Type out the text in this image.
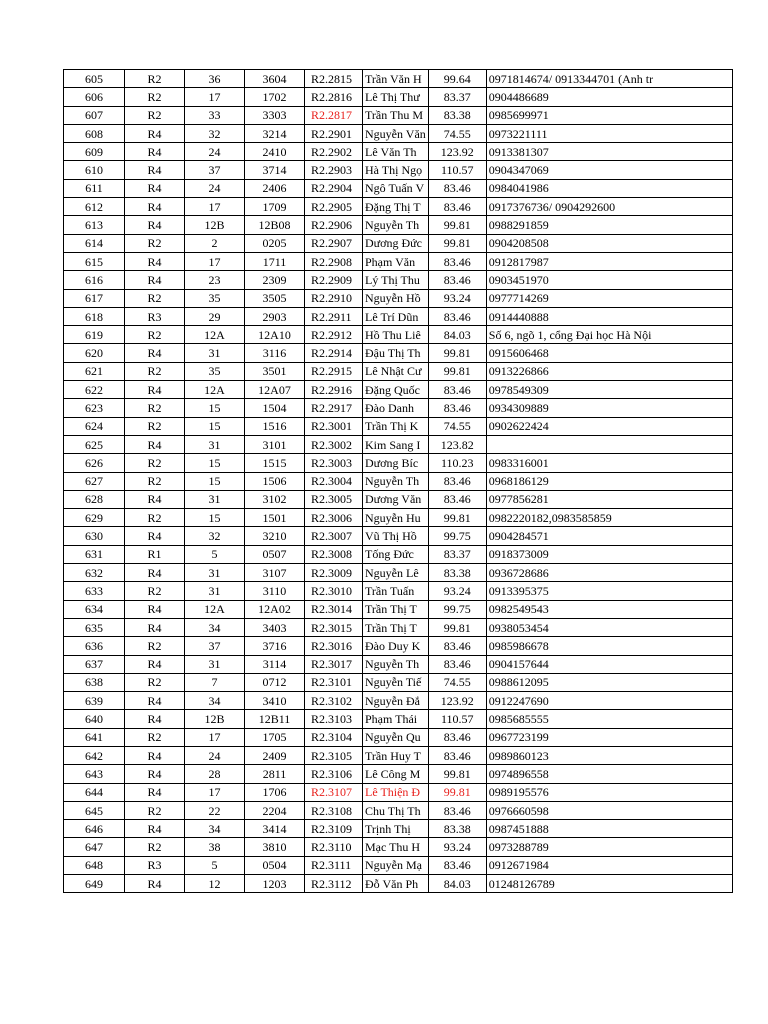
605	R2	36	3604	R2.2815	Trần Văn H	99.64	0971814674/ 0913344701 (Anh tr
606	R2	17	1702	R2.2816	Lê Thị Thư	83.37	0904486689
607	R2	33	3303	R2.2817	Trần Thu M	83.38	0985699971
608	R4	32	3214	R2.2901	Nguyễn Văn	74.55	0973221111
609	R4	24	2410	R2.2902	Lê Văn Th	123.92	0913381307
610	R4	37	3714	R2.2903	Hà Thị Ngọ	110.57	0904347069
611	R4	24	2406	R2.2904	Ngô Tuấn V	83.46	0984041986
612	R4	17	1709	R2.2905	Đặng Thị T	83.46	0917376736/ 0904292600
613	R4	12B	12B08	R2.2906	Nguyễn Th	99.81	0988291859
614	R2	2	0205	R2.2907	Dương Đức	99.81	0904208508
615	R4	17	1711	R2.2908	Phạm Văn	83.46	0912817987
616	R4	23	2309	R2.2909	Lý Thị Thu	83.46	0903451970
617	R2	35	3505	R2.2910	Nguyễn Hồ	93.24	0977714269
618	R3	29	2903	R2.2911	Lê Trí Dũn	83.46	0914440888
619	R2	12A	12A10	R2.2912	Hồ Thu Liê	84.03	Số 6, ngõ 1, cổng Đại học Hà Nội
620	R4	31	3116	R2.2914	Đậu Thị Th	99.81	0915606468
621	R2	35	3501	R2.2915	Lê Nhật Cư	99.81	0913226866
622	R4	12A	12A07	R2.2916	Đặng Quốc	83.46	0978549309
623	R2	15	1504	R2.2917	Đào Danh	83.46	0934309889
624	R2	15	1516	R2.3001	Trần Thị K	74.55	0902622424
625	R4	31	3101	R2.3002	Kim Sang I	123.82	
626	R2	15	1515	R2.3003	Dương Bíc	110.23	0983316001
627	R2	15	1506	R2.3004	Nguyễn Th	83.46	0968186129
628	R4	31	3102	R2.3005	Dương Văn	83.46	0977856281
629	R2	15	1501	R2.3006	Nguyễn Hu	99.81	0982220182,0983585859
630	R4	32	3210	R2.3007	Vũ Thị Hồ	99.75	0904284571
631	R1	5	0507	R2.3008	Tống Đức	83.37	0918373009
632	R4	31	3107	R2.3009	Nguyễn Lê	83.38	0936728686
633	R2	31	3110	R2.3010	Trần Tuấn	93.24	0913395375
634	R4	12A	12A02	R2.3014	Trần Thị T	99.75	0982549543
635	R4	34	3403	R2.3015	Trần Thị T	99.81	0938053454
636	R2	37	3716	R2.3016	Đào Duy K	83.46	0985986678
637	R4	31	3114	R2.3017	Nguyễn Th	83.46	0904157644
638	R2	7	0712	R2.3101	Nguyễn Tiế	74.55	0988612095
639	R4	34	3410	R2.3102	Nguyễn Đắ	123.92	0912247690
640	R4	12B	12B11	R2.3103	Phạm Thái	110.57	0985685555
641	R2	17	1705	R2.3104	Nguyễn Qu	83.46	0967723199
642	R4	24	2409	R2.3105	Trần Huy T	83.46	0989860123
643	R4	28	2811	R2.3106	Lê Công M	99.81	0974896558
644	R4	17	1706	R2.3107	Lê Thiện Đ	99.81	0989195576
645	R2	22	2204	R2.3108	Chu Thị Th	83.46	0976660598
646	R4	34	3414	R2.3109	Trịnh Thị	83.38	0987451888
647	R2	38	3810	R2.3110	Mạc Thu H	93.24	0973288789
648	R3	5	0504	R2.3111	Nguyễn Mạ	83.46	0912671984
649	R4	12	1203	R2.3112	Đỗ Văn Ph	84.03	01248126789
